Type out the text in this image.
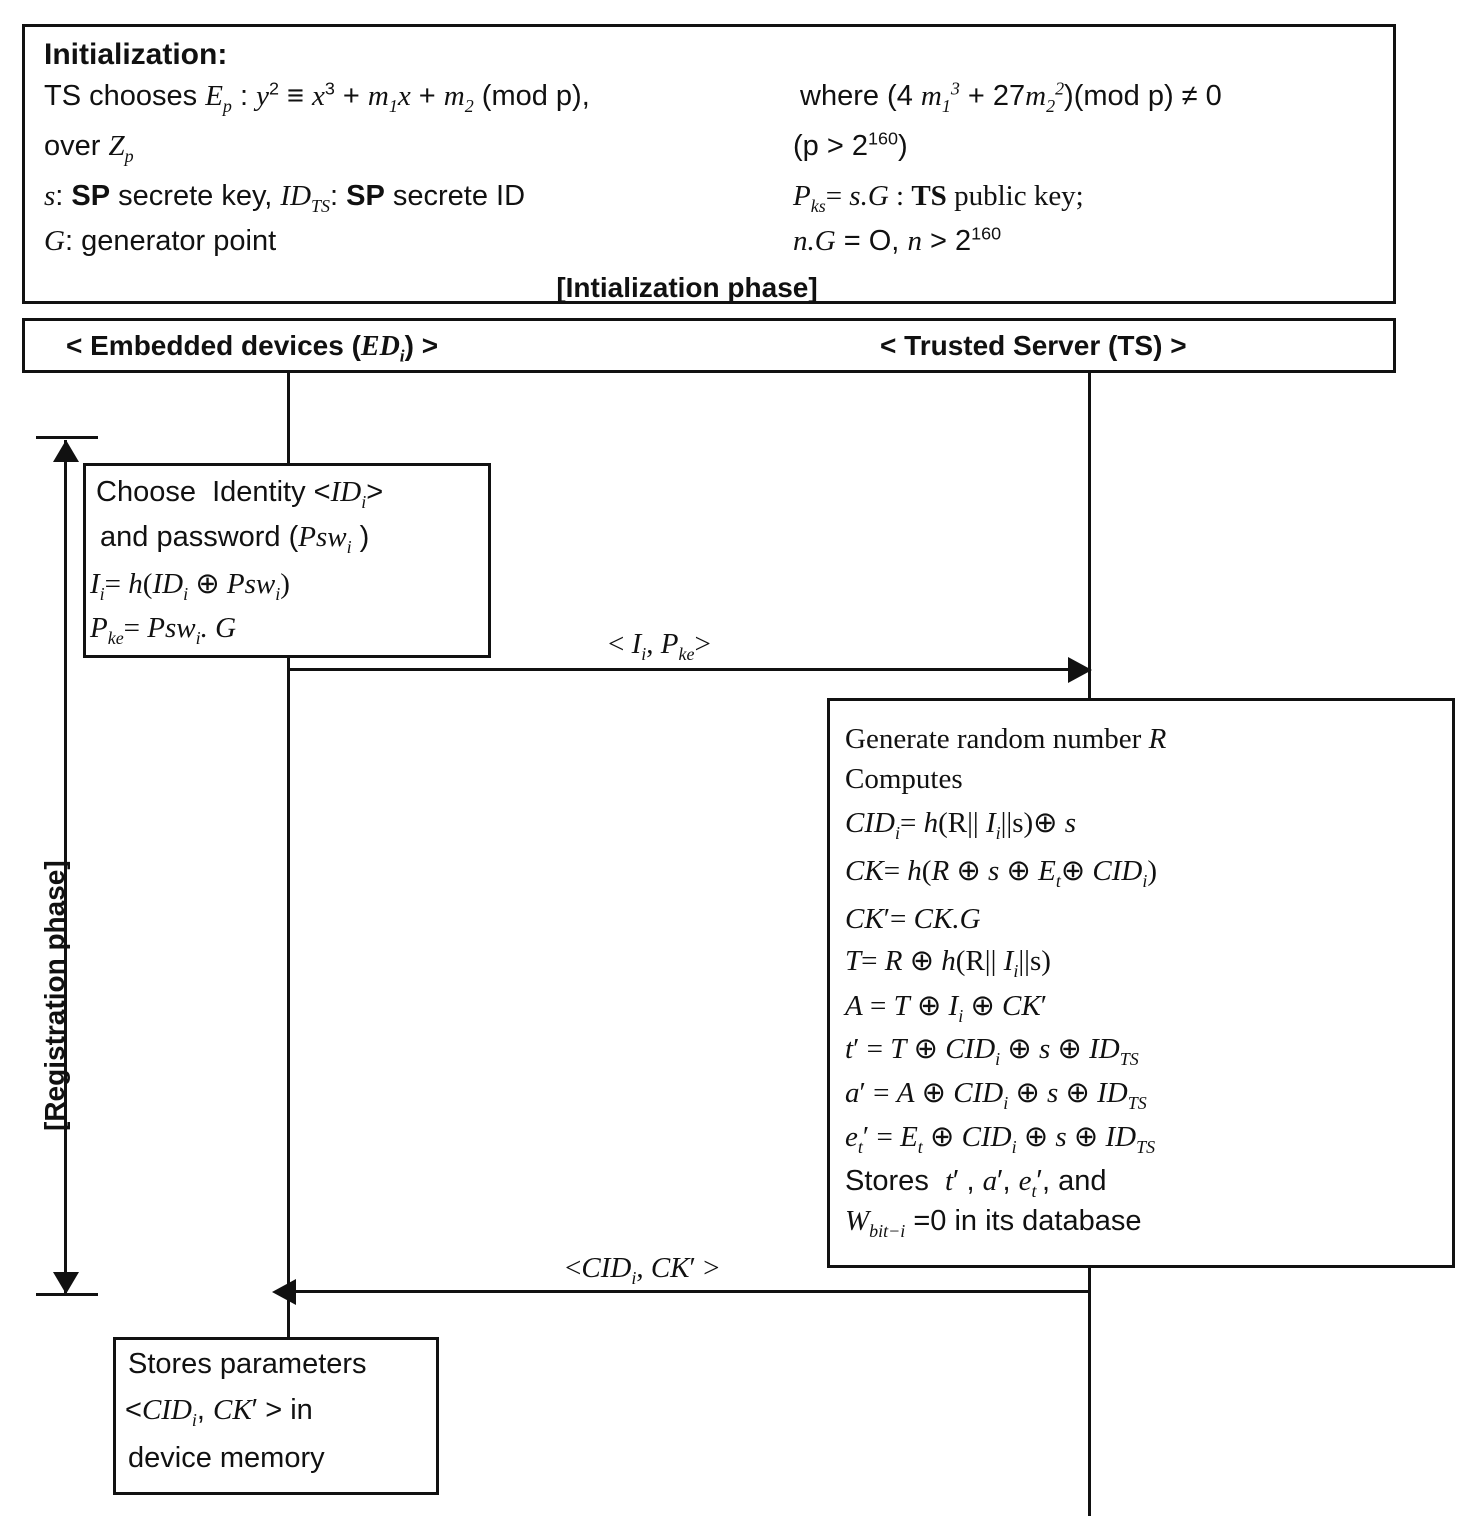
Initialization:
TS chooses $E_p$ : $y^2 \equiv x^3 + m_1x + m_2$ (mod p),	where (4 $m_1^3 + 27m_2^2)(mod$ p) ≠ 0
over $Z_p$	$(p > 2^{160})$
s: SP secrete key, $ID_{TS}$: SP secrete ID	$P_{ks}= s.G$ : TS public key;
G: generator point	n.G = O, $n > 2^{160}$
[Intialization phase]
< Embedded devices $(ED_i)$ >	< Trusted Server (TS) >
[Registration phase]
Choose  Identity $<ID_i>$
and password (Psw$_i$ )
$I_i= h(ID_i$ ⊕ Psw$_i$)
$P_{ke}= Psw_i$. G	< $I_i$, $P_{ke}>$
Generate random number R
Computes
$CID_i= h(R||$ $I_i||s)\oplus$ s
CK= h(R ⊕ s ⊕ $E_t\oplus$ $CID_i$)
CK′= CK.G
T= R ⊕ h(R|| $I_i||s$)
A = T ⊕ $I_i$ ⊕ CK′
t′ = T ⊕ $CID_i$ ⊕ s ⊕ $ID_{TS}$
a′ = A ⊕ $CID_i$ ⊕ s ⊕ $ID_{TS}$
$e_t' = E_t$ ⊕ $CID_i$ ⊕ s ⊕ $ID_{TS}$
Stores  t′ , a′, $e_t'$, and
$W_{bit-i} =0$ in its database
$<CID_i$, CK′ >
Stores parameters
$<CID_i$, CK′ > in
device memory
